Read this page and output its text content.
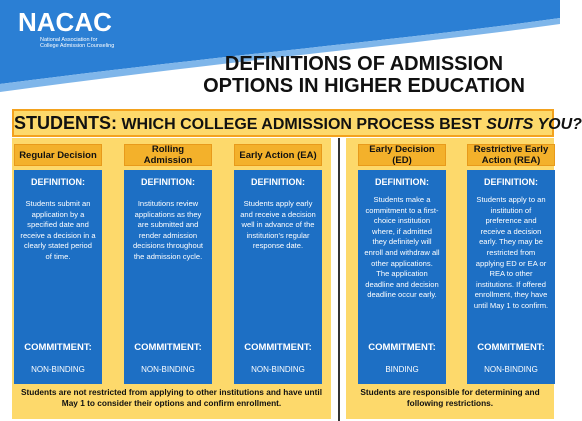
NACAC
National Association for
College Admission Counseling
DEFINITIONS OF ADMISSION
OPTIONS IN HIGHER EDUCATION
STUDENTS: WHICH COLLEGE ADMISSION PROCESS BEST SUITS YOU?
Regular Decision
DEFINITION:
Students submit an application by a specified date and receive a decision in a clearly stated period of time.
COMMITMENT:
NON-BINDING
Rolling Admission
DEFINITION:
Institutions review applications as they are submitted and render admission decisions throughout the admission cycle.
COMMITMENT:
NON-BINDING
Early Action (EA)
DEFINITION:
Students apply early and receive a decision well in advance of the institution's regular response date.
COMMITMENT:
NON-BINDING
Early Decision (ED)
DEFINITION:
Students make a commitment to a first-choice institution where, if admitted they definitely will enroll and withdraw all other applications. The application deadline and decision deadline occur early.
COMMITMENT:
BINDING
Restrictive Early Action (REA)
DEFINITION:
Students apply to an institution of preference and receive a decision early. They may be restricted from applying ED or EA or REA to other institutions. If offered enrollment, they have until May 1 to confirm.
COMMITMENT:
NON-BINDING
Students are not restricted from applying to other institutions and have until May 1 to consider their options and confirm enrollment.
Students are responsible for determining and following restrictions.
